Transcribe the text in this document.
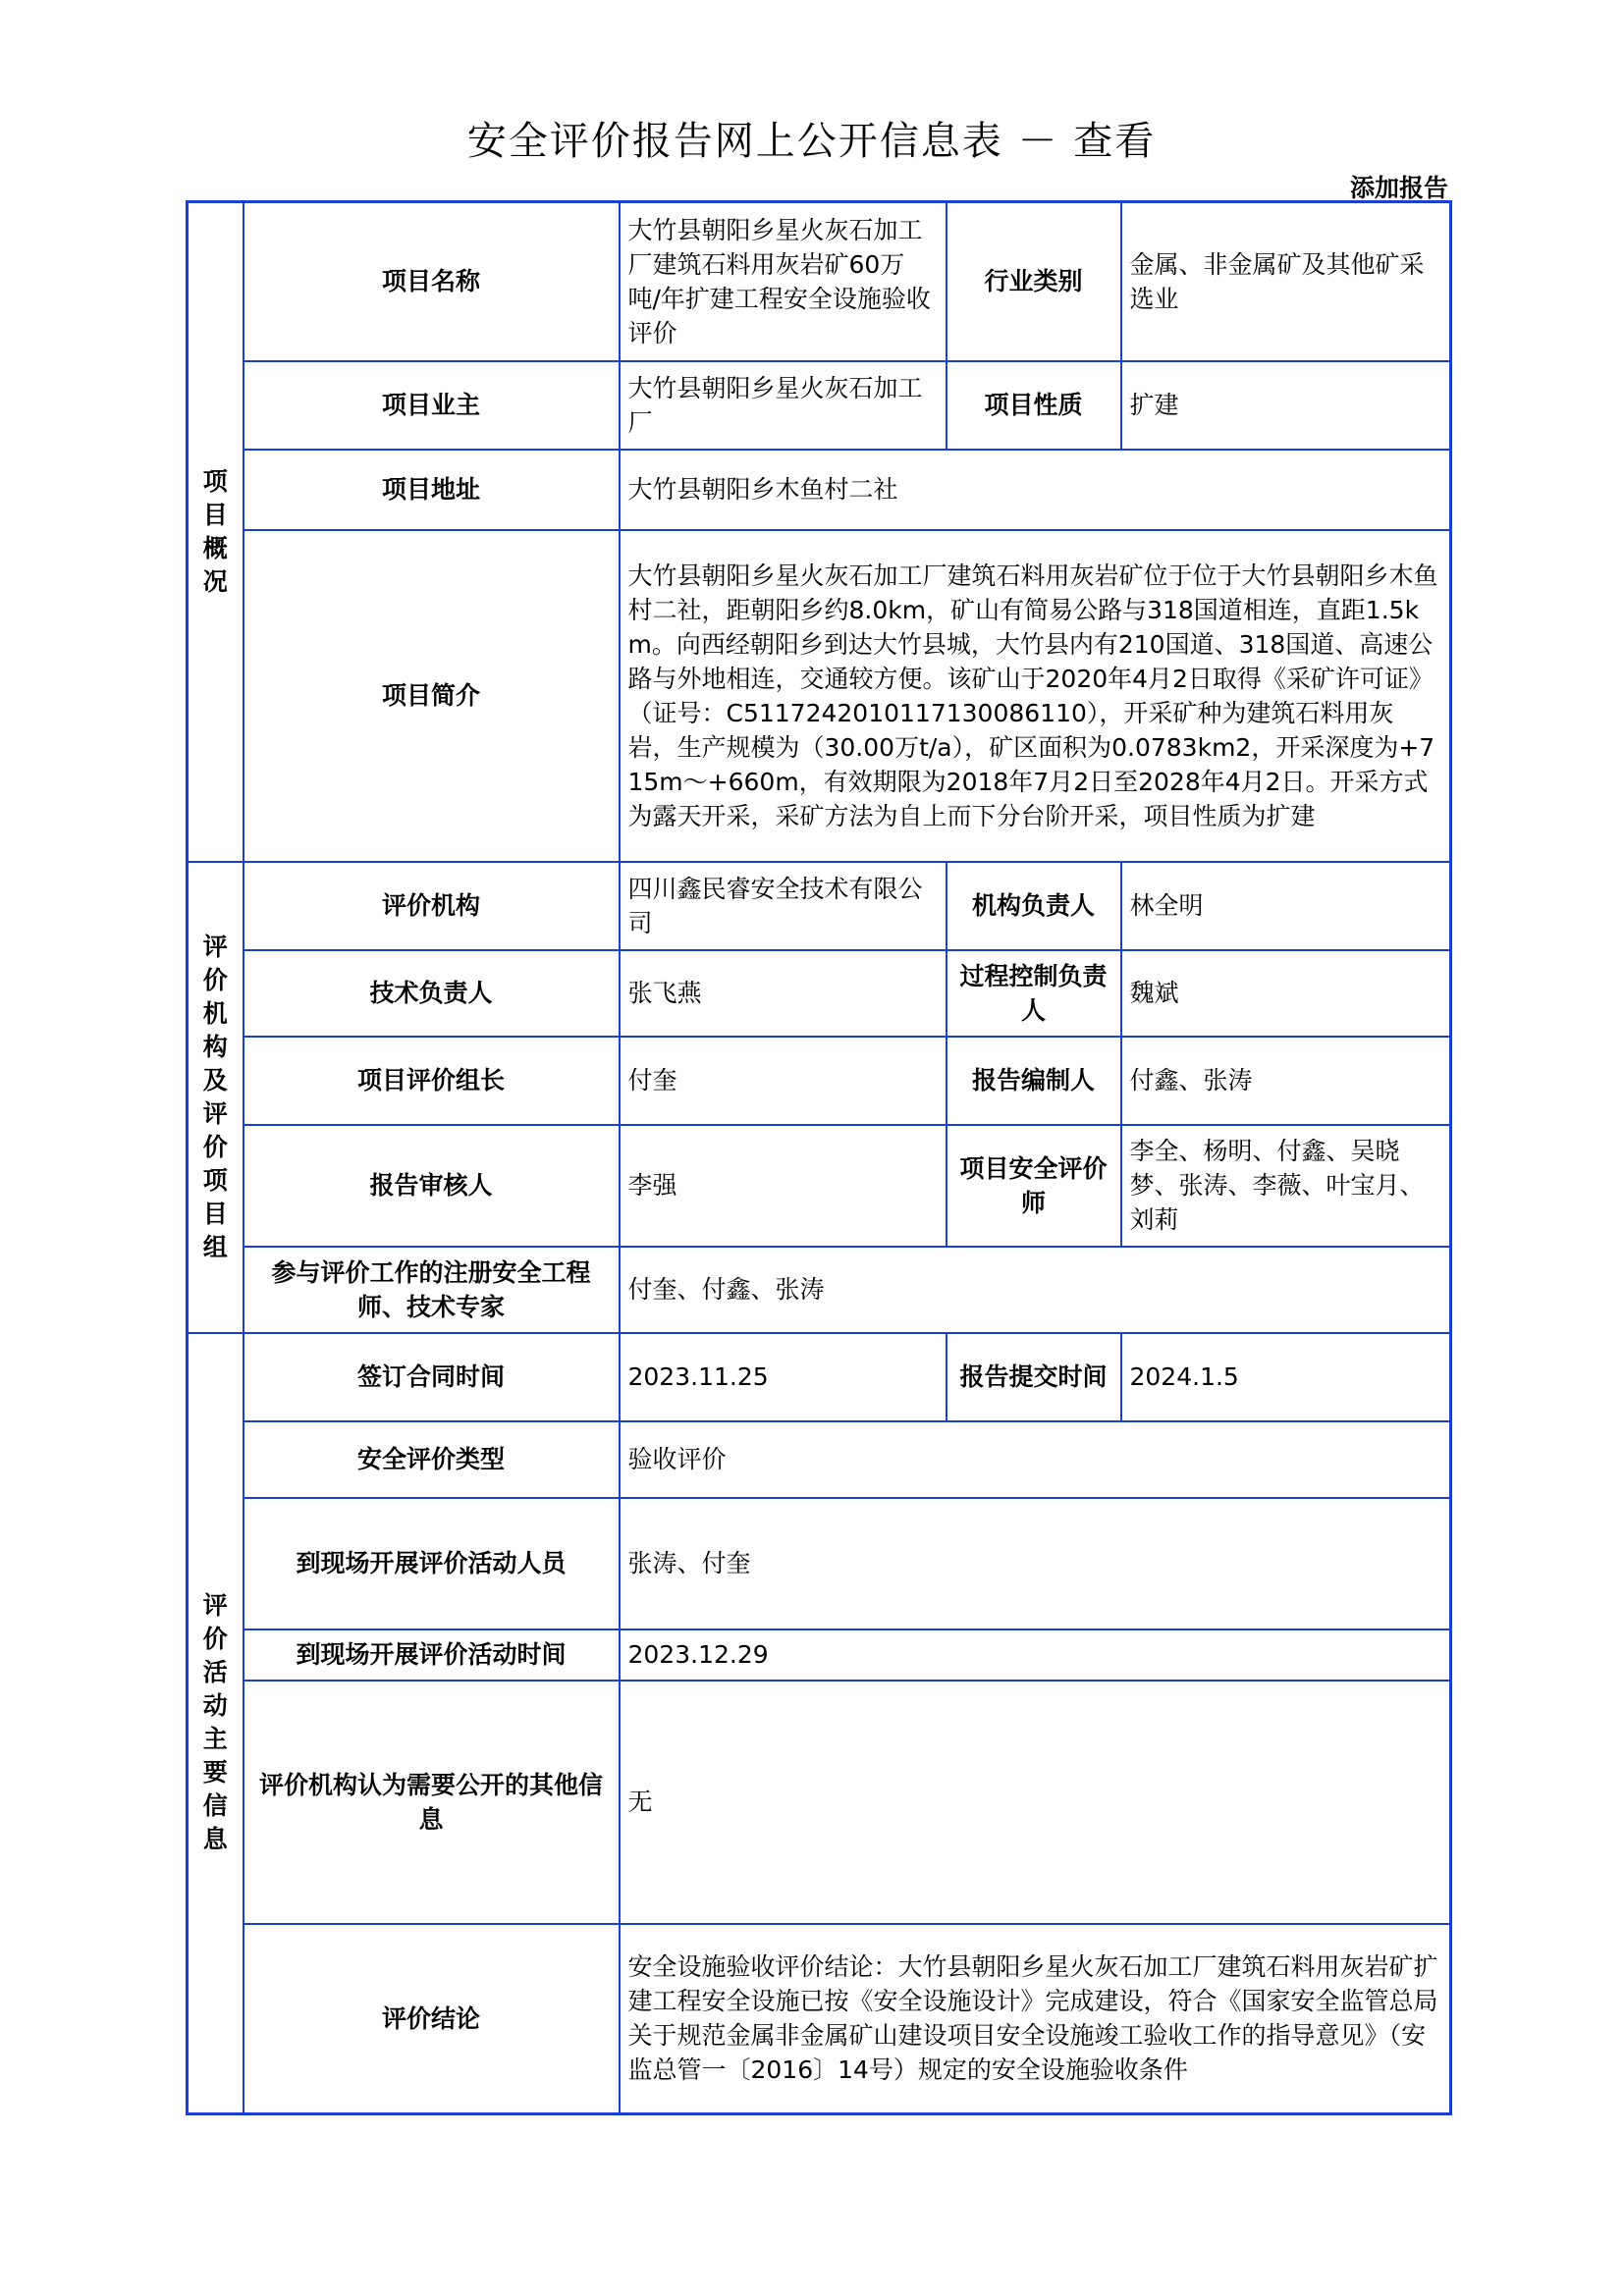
安全评价报告网上公开信息表 － 查看
添加报告
项目概况	项目名称	大竹县朝阳乡星火灰石加工厂建筑石料用灰岩矿60万吨/年扩建工程安全设施验收评价	行业类别	金属、非金属矿及其他矿采选业
	项目业主	大竹县朝阳乡星火灰石加工厂	项目性质	扩建
	项目地址	大竹县朝阳乡木鱼村二社		
	项目简介	大竹县朝阳乡星火灰石加工厂建筑石料用灰岩矿位于位于大竹县朝阳乡木鱼村二社，距朝阳乡约8.0km，矿山有简易公路与318国道相连，直距1.5km。向西经朝阳乡到达大竹县城，大竹县内有210国道、318国道、高速公路与外地相连，交通较方便。该矿山于2020年4月2日取得《采矿许可证》（证号：C5117242010117130086110），开采矿种为建筑石料用灰岩，生产规模为（30.00万t/a），矿区面积为0.0783km2，开采深度为+715m～+660m，有效期限为2018年7月2日至2028年4月2日。开采方式为露天开采，采矿方法为自上而下分台阶开采，项目性质为扩建		
评价机构及评价项目组	评价机构	四川鑫民睿安全技术有限公司	机构负责人	林全明
	技术负责人	张飞燕	过程控制负责人	魏斌
	项目评价组长	付奎	报告编制人	付鑫、张涛
	报告审核人	李强	项目安全评价师	李全、杨明、付鑫、吴晓梦、张涛、李薇、叶宝月、刘莉
	参与评价工作的注册安全工程师、技术专家	付奎、付鑫、张涛		
评价活动主要信息	签订合同时间	2023.11.25	报告提交时间	2024.1.5
	安全评价类型	验收评价		
	到现场开展评价活动人员	张涛、付奎		
	到现场开展评价活动时间	2023.12.29		
	评价机构认为需要公开的其他信息	无		
	评价结论	安全设施验收评价结论：大竹县朝阳乡星火灰石加工厂建筑石料用灰岩矿扩建工程安全设施已按《安全设施设计》完成建设，符合《国家安全监管总局关于规范金属非金属矿山建设项目安全设施竣工验收工作的指导意见》（安监总管一〔2016〕14号）规定的安全设施验收条件		
